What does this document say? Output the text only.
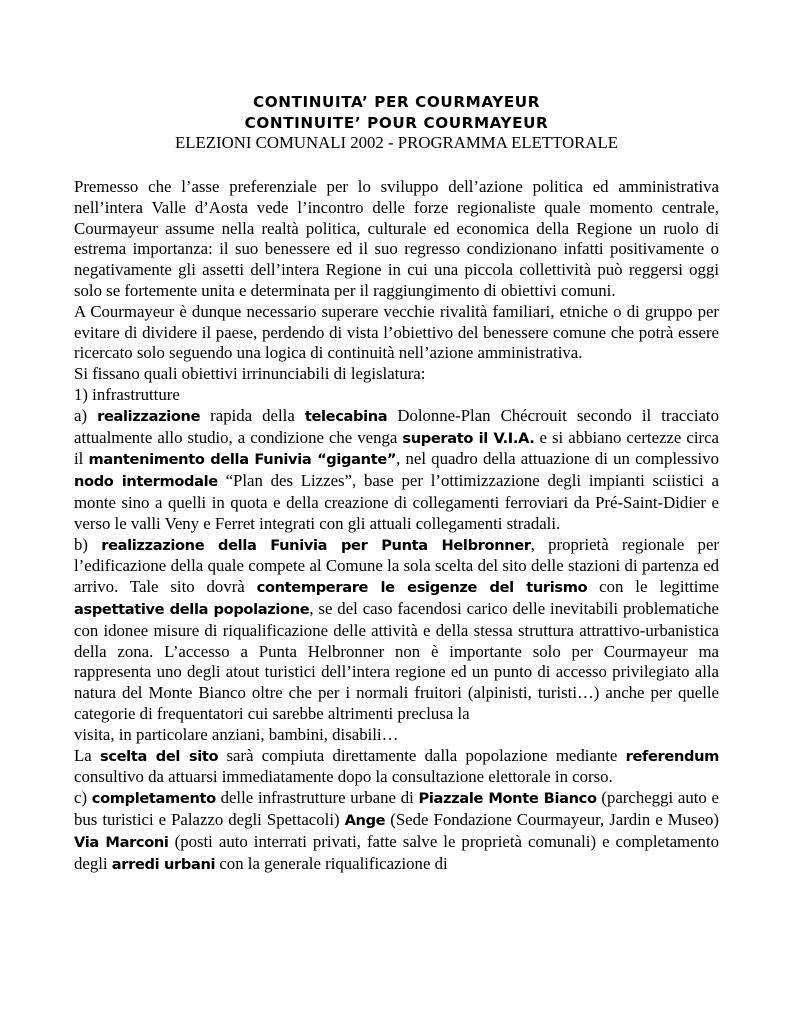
CONTINUITA’ PER COURMAYEUR
CONTINUITE’ POUR COURMAYEUR
ELEZIONI COMUNALI 2002 - PROGRAMMA ELETTORALE

Premesso che l’asse preferenziale per lo sviluppo dell’azione politica ed amministrativa nell’intera Valle d’Aosta vede l’incontro delle forze regionaliste quale momento centrale, Courmayeur assume nella realtà politica, culturale ed economica della Regione un ruolo di estrema importanza: il suo benessere ed il suo regresso condizionano infatti positivamente o negativamente gli assetti dell’intera Regione in cui una piccola collettività può reggersi oggi solo se fortemente unita e determinata per il raggiungimento di obiettivi comuni.

A Courmayeur è dunque necessario superare vecchie rivalità familiari, etniche o di gruppo per evitare di dividere il paese, perdendo di vista l’obiettivo del benessere comune che potrà essere ricercato solo seguendo una logica di continuità nell’azione amministrativa.

Si fissano quali obiettivi irrinunciabili di legislatura:

1) infrastrutture

a) realizzazione rapida della telecabina Dolonne-Plan Chécrouit secondo il tracciato attualmente allo studio, a condizione che venga superato il V.I.A. e si abbiano certezze circa il mantenimento della Funivia “gigante”, nel quadro della attuazione di un complessivo nodo intermodale “Plan des Lizzes”, base per l’ottimizzazione degli impianti sciistici a monte sino a quelli in quota e della creazione di collegamenti ferroviari da Pré-Saint-Didier e verso le valli Veny e Ferret integrati con gli attuali collegamenti stradali.

b) realizzazione della Funivia per Punta Helbronner, proprietà regionale per l’edificazione della quale compete al Comune la sola scelta del sito delle stazioni di partenza ed arrivo. Tale sito dovrà contemperare le esigenze del turismo con le legittime aspettative della popolazione, se del caso facendosi carico delle inevitabili problematiche con idonee misure di riqualificazione delle attività e della stessa struttura attrattivo-urbanistica della zona. L’accesso a Punta Helbronner non è importante solo per Courmayeur ma rappresenta uno degli atout turistici dell’intera regione ed un punto di accesso privilegiato alla natura del Monte Bianco oltre che per i normali fruitori (alpinisti, turisti…) anche per quelle categorie di frequentatori cui sarebbe altrimenti preclusa la

visita, in particolare anziani, bambini, disabili…

La scelta del sito sarà compiuta direttamente dalla popolazione mediante referendum consultivo da attuarsi immediatamente dopo la consultazione elettorale in corso.

c) completamento delle infrastrutture urbane di Piazzale Monte Bianco (parcheggi auto e bus turistici e Palazzo degli Spettacoli) Ange (Sede Fondazione Courmayeur, Jardin e Museo) Via Marconi (posti auto interrati privati, fatte salve le proprietà comunali) e completamento degli arredi urbani con la generale riqualificazione di
